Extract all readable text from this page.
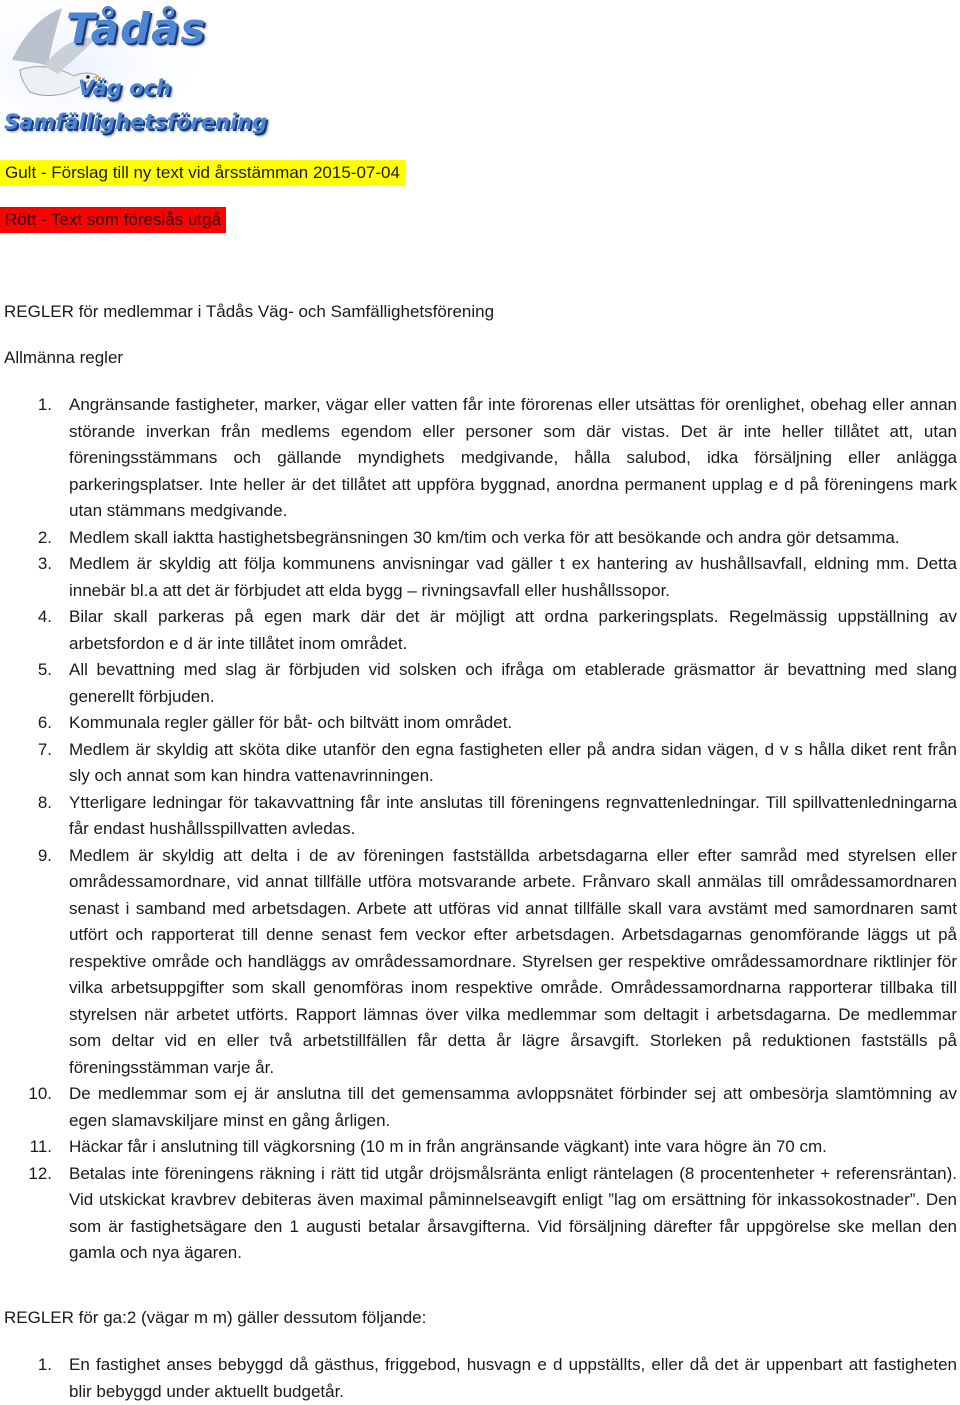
Tådås
Väg och
Samfällighetsförening
Gult - Förslag till ny text vid årsstämman 2015-07-04
Rött - Text som föreslås utgå
REGLER för medlemmar i Tådås Väg- och Samfällighetsförening
Allmänna regler
1. Angränsande fastigheter, marker, vägar eller vatten får inte förorenas eller utsättas för orenlighet, obehag eller annan störande inverkan från medlems egendom eller personer som där vistas. Det är inte heller tillåtet att, utan föreningsstämmans och gällande myndighets medgivande, hålla salubod, idka försäljning eller anlägga parkeringsplatser. Inte heller är det tillåtet att uppföra byggnad, anordna permanent upplag e d på föreningens mark utan stämmans medgivande.
2. Medlem skall iaktta hastighetsbegränsningen 30 km/tim och verka för att besökande och andra gör detsamma.
3. Medlem är skyldig att följa kommunens anvisningar vad gäller t ex hantering av hushållsavfall, eldning mm. Detta innebär bl.a att det är förbjudet att elda bygg – rivningsavfall eller hushållssopor.
4. Bilar skall parkeras på egen mark där det är möjligt att ordna parkeringsplats. Regelmässig uppställning av arbetsfordon e d är inte tillåtet inom området.
5. All bevattning med slag är förbjuden vid solsken och ifråga om etablerade gräsmattor är bevattning med slang generellt förbjuden.
6. Kommunala regler gäller för båt- och biltvätt inom området.
7. Medlem är skyldig att sköta dike utanför den egna fastigheten eller på andra sidan vägen, d v s hålla diket rent från sly och annat som kan hindra vattenavrinningen.
8. Ytterligare ledningar för takavvattning får inte anslutas till föreningens regnvattenledningar. Till spillvattenledningarna får endast hushållsspillvatten avledas.
9. Medlem är skyldig att delta i de av föreningen fastställda arbetsdagarna eller efter samråd med styrelsen eller områdessamordnare, vid annat tillfälle utföra motsvarande arbete. Frånvaro skall anmälas till områdessamordnaren senast i samband med arbetsdagen. Arbete att utföras vid annat tillfälle skall vara avstämt med samordnaren samt utfört och rapporterat till denne senast fem veckor efter arbetsdagen. Arbetsdagarnas genomförande läggs ut på respektive område och handläggs av områdessamordnare. Styrelsen ger respektive områdessamordnare riktlinjer för vilka arbetsuppgifter som skall genomföras inom respektive område. Områdessamordnarna rapporterar tillbaka till styrelsen när arbetet utförts. Rapport lämnas över vilka medlemmar som deltagit i arbetsdagarna. De medlemmar som deltar vid en eller två arbetstillfällen får detta år lägre årsavgift. Storleken på reduktionen fastställs på föreningsstämman varje år.
10. De medlemmar som ej är anslutna till det gemensamma avloppsnätet förbinder sej att ombesörja slamtömning av egen slamavskiljare minst en gång årligen.
11. Häckar får i anslutning till vägkorsning (10 m in från angränsande vägkant) inte vara högre än 70 cm.
12. Betalas inte föreningens räkning i rätt tid utgår dröjsmålsränta enligt räntelagen (8 procentenheter + referensräntan). Vid utskickat kravbrev debiteras även maximal påminnelseavgift enligt ”lag om ersättning för inkassokostnader”. Den som är fastighetsägare den 1 augusti betalar årsavgifterna. Vid försäljning därefter får uppgörelse ske mellan den gamla och nya ägaren.
REGLER för ga:2 (vägar m m) gäller dessutom följande:
1. En fastighet anses bebyggd då gästhus, friggebod, husvagn e d uppställts, eller då det är uppenbart att fastigheten blir bebyggd under aktuellt budgetår.
